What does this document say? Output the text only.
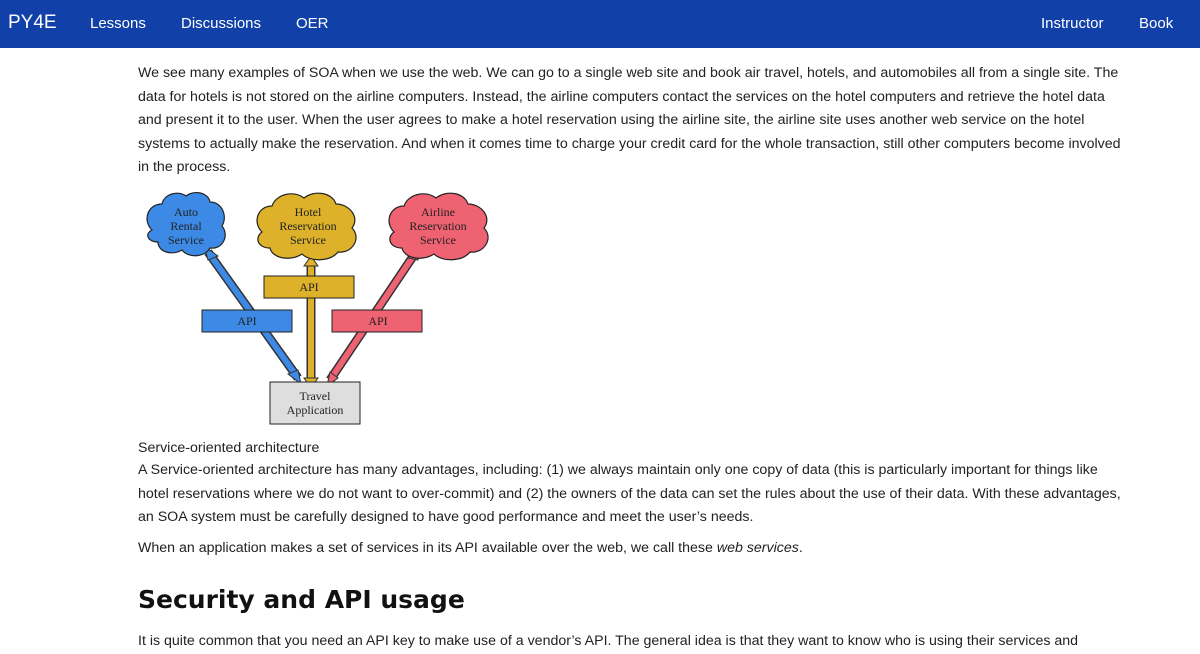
PY4E Lessons Discussions OER	Instructor Book

We see many examples of SOA when we use the web. We can go to a single web site and book air travel, hotels, and automobiles all from a single site. The data for hotels is not stored on the airline computers. Instead, the airline computers contact the services on the hotel computers and retrieve the hotel data and present it to the user. When the user agrees to make a hotel reservation using the airline site, the airline site uses another web service on the hotel systems to actually make the reservation. And when it comes time to charge your credit card for the whole transaction, still other computers become involved in the process.

Auto
Rental
Service
Hotel
Reservation
Service
Airline
Reservation
Service
API
API	API
Travel
Application
Service-oriented architecture

A Service-oriented architecture has many advantages, including: (1) we always maintain only one copy of data (this is particularly important for things like hotel reservations where we do not want to over-commit) and (2) the owners of the data can set the rules about the use of their data. With these advantages, an SOA system must be carefully designed to have good performance and meet the user’s needs.

When an application makes a set of services in its API available over the web, we call these web services.

Security and API usage

It is quite common that you need an API key to make use of a vendor’s API. The general idea is that they want to know who is using their services and
